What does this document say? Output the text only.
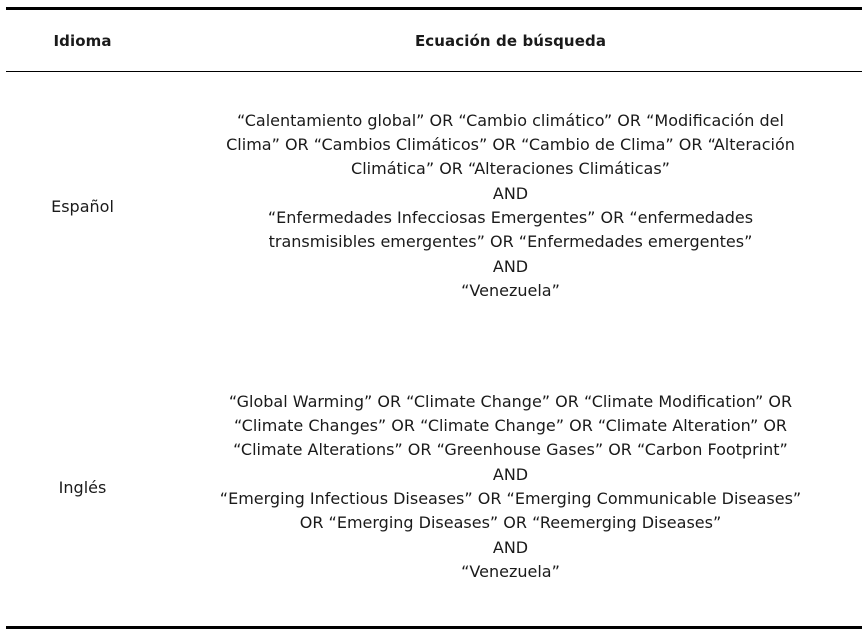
Idioma	Ecuación de búsqueda
Español
“Calentamiento global” OR “Cambio climático” OR “Modificación del
Clima” OR “Cambios Climáticos” OR “Cambio de Clima” OR “Alteración
Climática” OR “Alteraciones Climáticas”
AND
“Enfermedades Infecciosas Emergentes” OR “enfermedades
transmisibles emergentes” OR “Enfermedades emergentes”
AND
“Venezuela”
Inglés
“Global Warming” OR “Climate Change” OR “Climate Modification” OR
“Climate Changes” OR “Climate Change” OR “Climate Alteration” OR
“Climate Alterations” OR “Greenhouse Gases” OR “Carbon Footprint”
AND
“Emerging Infectious Diseases” OR “Emerging Communicable Diseases”
OR “Emerging Diseases” OR “Reemerging Diseases”
AND
“Venezuela”
